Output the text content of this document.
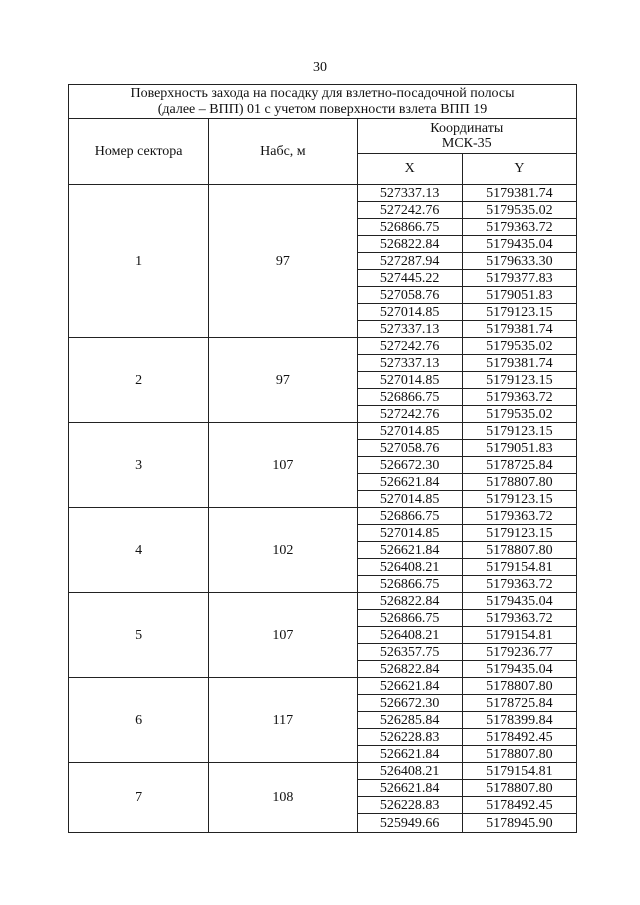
30
Поверхность захода на посадку для взлетно-посадочной полосы
(далее – ВПП) 01 с учетом поверхности взлета ВПП 19			
Номер сектора	Набс, м	Координаты
МСК-35	
		X	Y
1	97	527337.13	5179381.74
		527242.76	5179535.02
		526866.75	5179363.72
		526822.84	5179435.04
		527287.94	5179633.30
		527445.22	5179377.83
		527058.76	5179051.83
		527014.85	5179123.15
		527337.13	5179381.74
2	97	527242.76	5179535.02
		527337.13	5179381.74
		527014.85	5179123.15
		526866.75	5179363.72
		527242.76	5179535.02
3	107	527014.85	5179123.15
		527058.76	5179051.83
		526672.30	5178725.84
		526621.84	5178807.80
		527014.85	5179123.15
4	102	526866.75	5179363.72
		527014.85	5179123.15
		526621.84	5178807.80
		526408.21	5179154.81
		526866.75	5179363.72
5	107	526822.84	5179435.04
		526866.75	5179363.72
		526408.21	5179154.81
		526357.75	5179236.77
		526822.84	5179435.04
6	117	526621.84	5178807.80
		526672.30	5178725.84
		526285.84	5178399.84
		526228.83	5178492.45
		526621.84	5178807.80
7	108	526408.21	5179154.81
		526621.84	5178807.80
		526228.83	5178492.45
		525949.66	5178945.90
